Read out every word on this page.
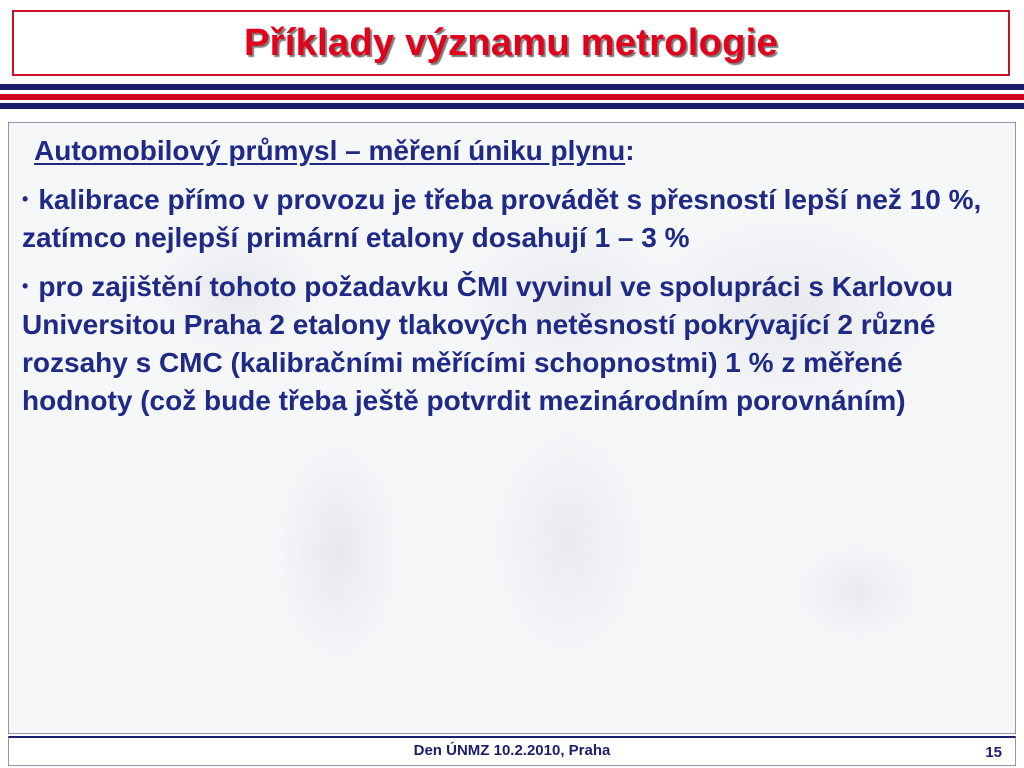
Příklady významu metrologie
Automobilový průmysl – měření úniku plynu:
• kalibrace přímo v provozu je třeba provádět s přesností lepší než 10 %, zatímco nejlepší primární etalony dosahují 1 – 3 %
• pro zajištění tohoto požadavku ČMI vyvinul ve spolupráci s Karlovou Universitou Praha 2 etalony tlakových netěsností pokrývající 2 různé rozsahy s CMC (kalibračními měřícími schopnostmi) 1 % z měřené hodnoty (což bude třeba ještě potvrdit mezinárodním porovnáním)
Den ÚNMZ 10.2.2010, Praha	15
